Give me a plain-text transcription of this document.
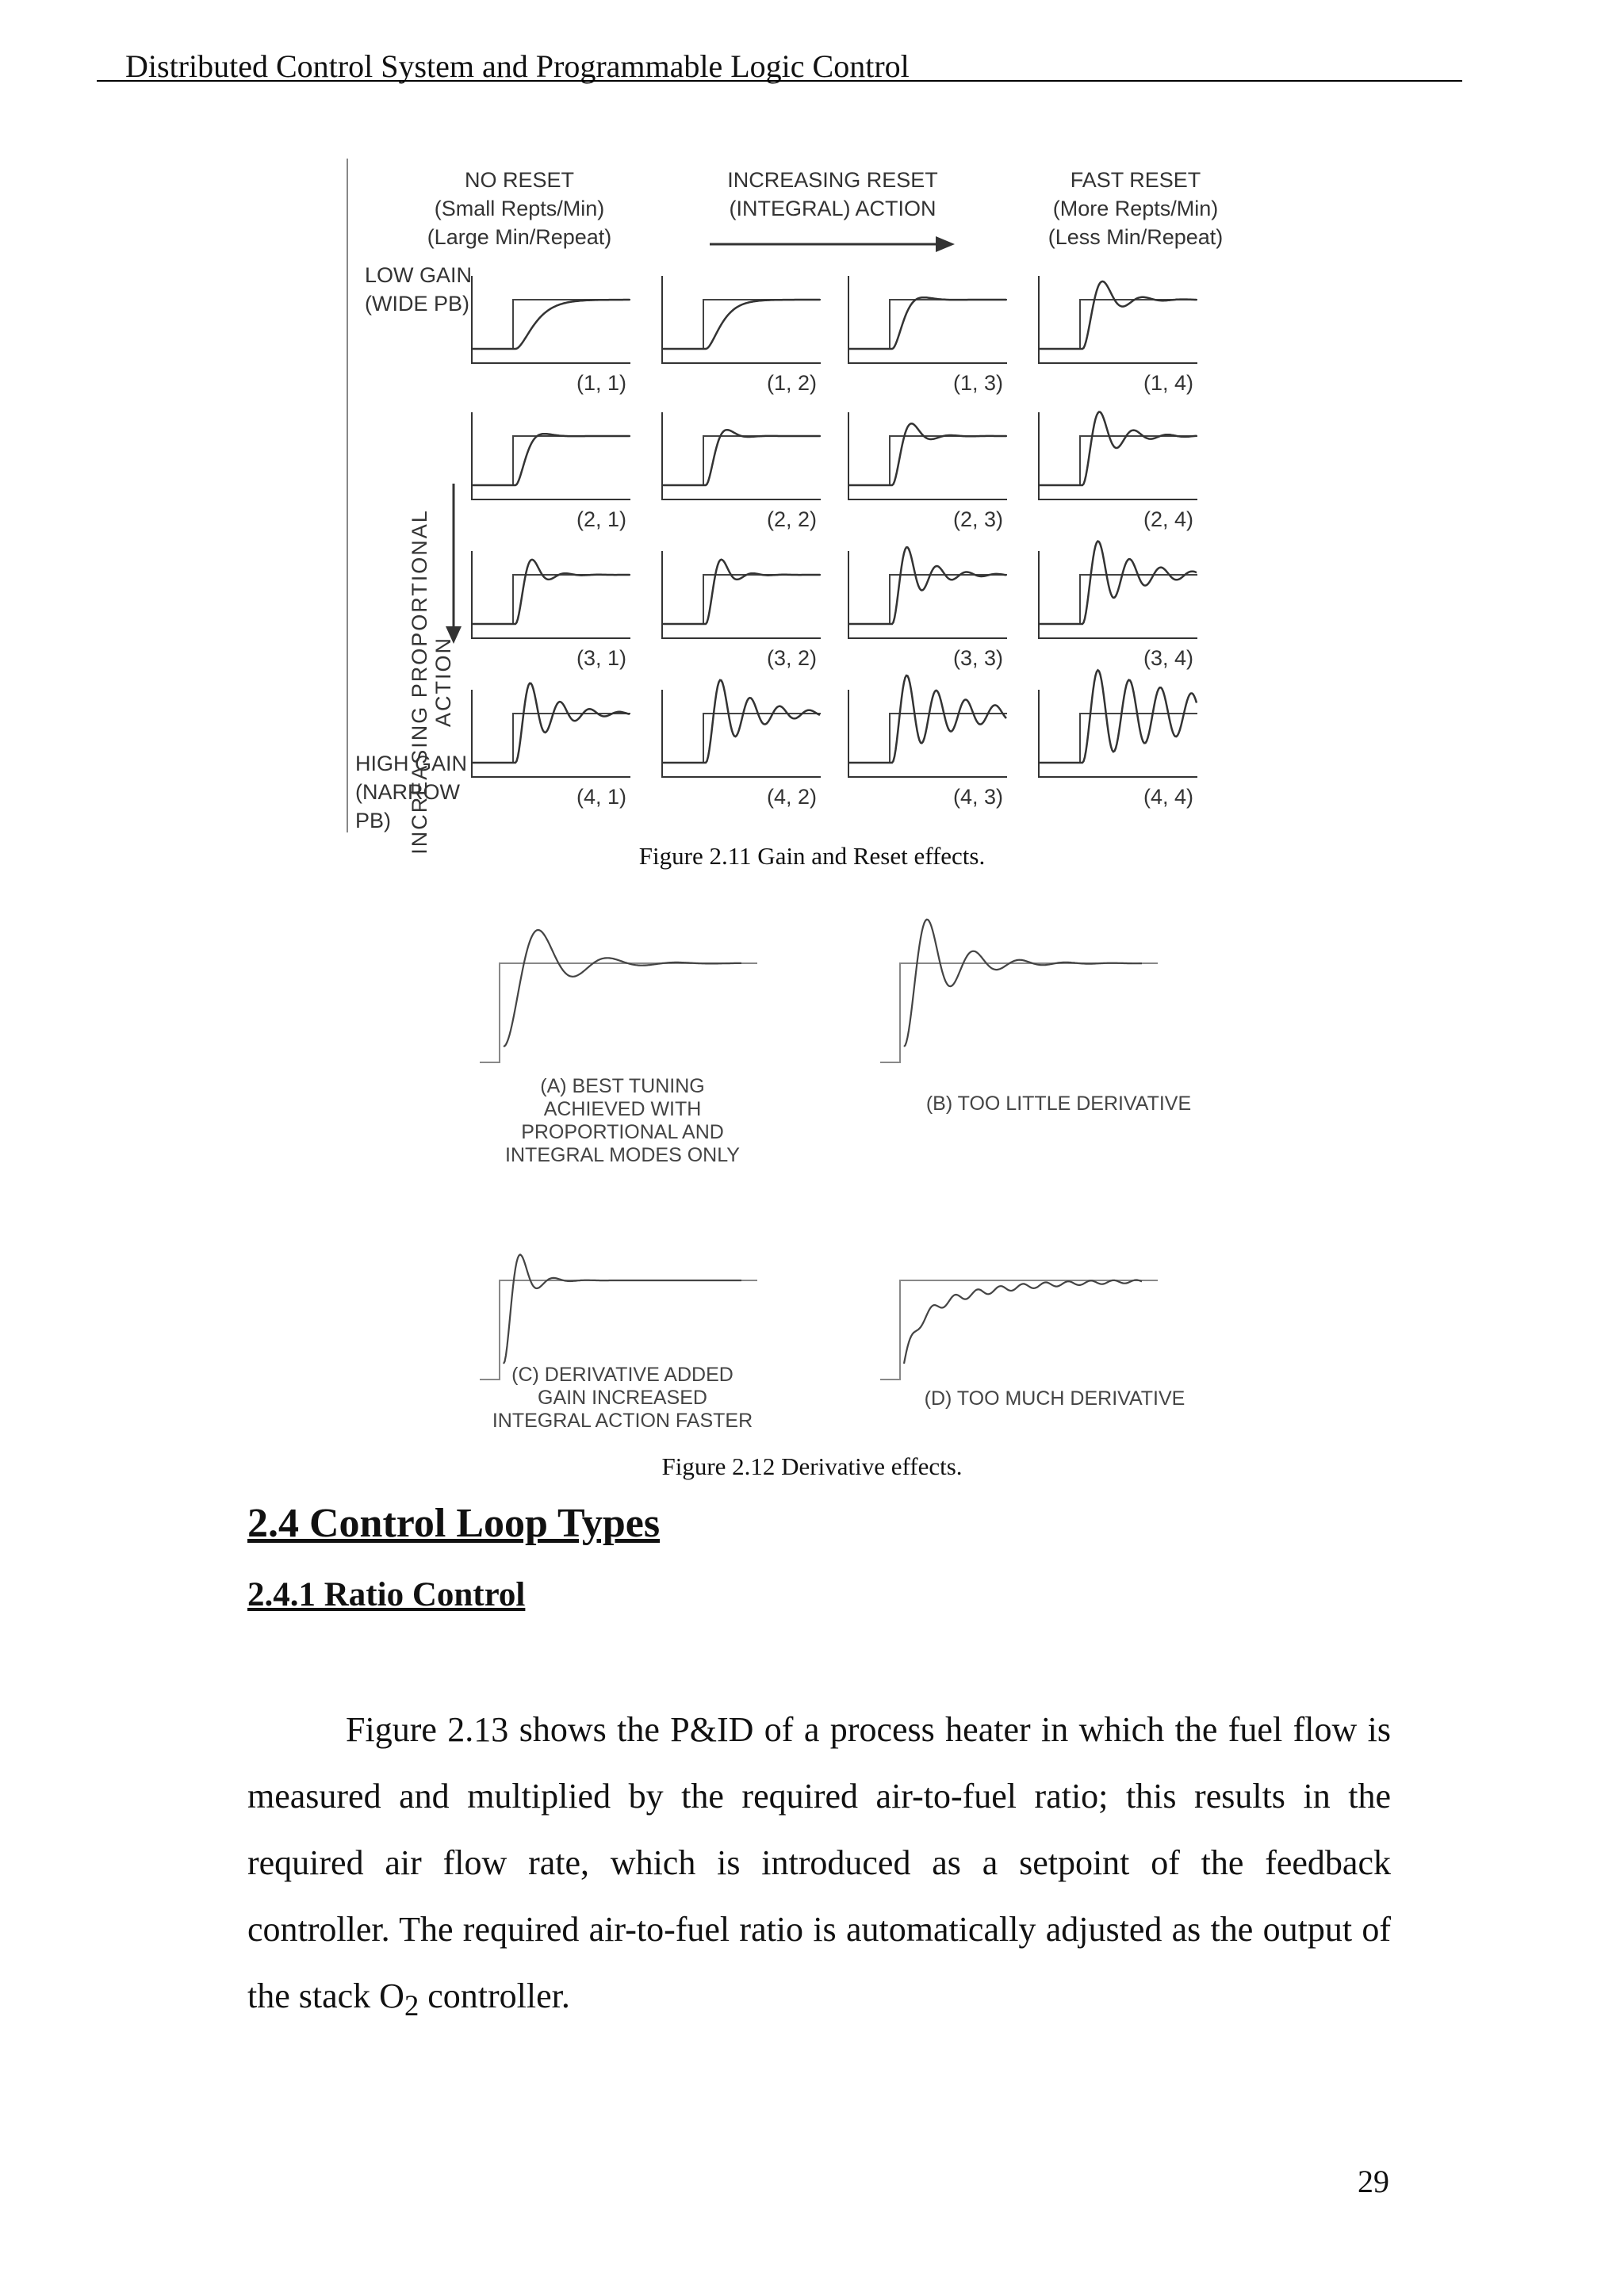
Distributed Control System and Programmable Logic Control
NO RESET
(Small Repts/Min)
(Large Min/Repeat)
INCREASING RESET
(INTEGRAL) ACTION
FAST RESET
(More Repts/Min)
(Less Min/Repeat)
LOW GAIN
(WIDE PB)
HIGH GAIN
(NARROW
PB) INCREASING PROPORTIONAL ACTION
(1, 1)	(1, 2)	(1, 3)	(1, 4)
(2, 1)	(2, 2)	(2, 3)	(2, 4)
(3, 1)	(3, 2)	(3, 3)	(3, 4)
(4, 1)	(4, 2)	(4, 3)	(4, 4)
Figure 2.11 Gain and Reset effects.
(A) BEST TUNING
ACHIEVED WITH
PROPORTIONAL AND
INTEGRAL MODES ONLY
(B) TOO LITTLE DERIVATIVE
(C) DERIVATIVE ADDED
GAIN INCREASED
INTEGRAL ACTION FASTER
(D) TOO MUCH DERIVATIVE
Figure 2.12 Derivative effects.
2.4 Control Loop Types
2.4.1 Ratio Control

Figure 2.13 shows the P&ID of a process heater in which the fuel flow is measured and multiplied by the required air-to-fuel ratio; this results in the required air flow rate, which is introduced as a setpoint of the feedback controller. The required air-to-fuel ratio is automatically adjusted as the output of the stack $O_2$ controller.

29
